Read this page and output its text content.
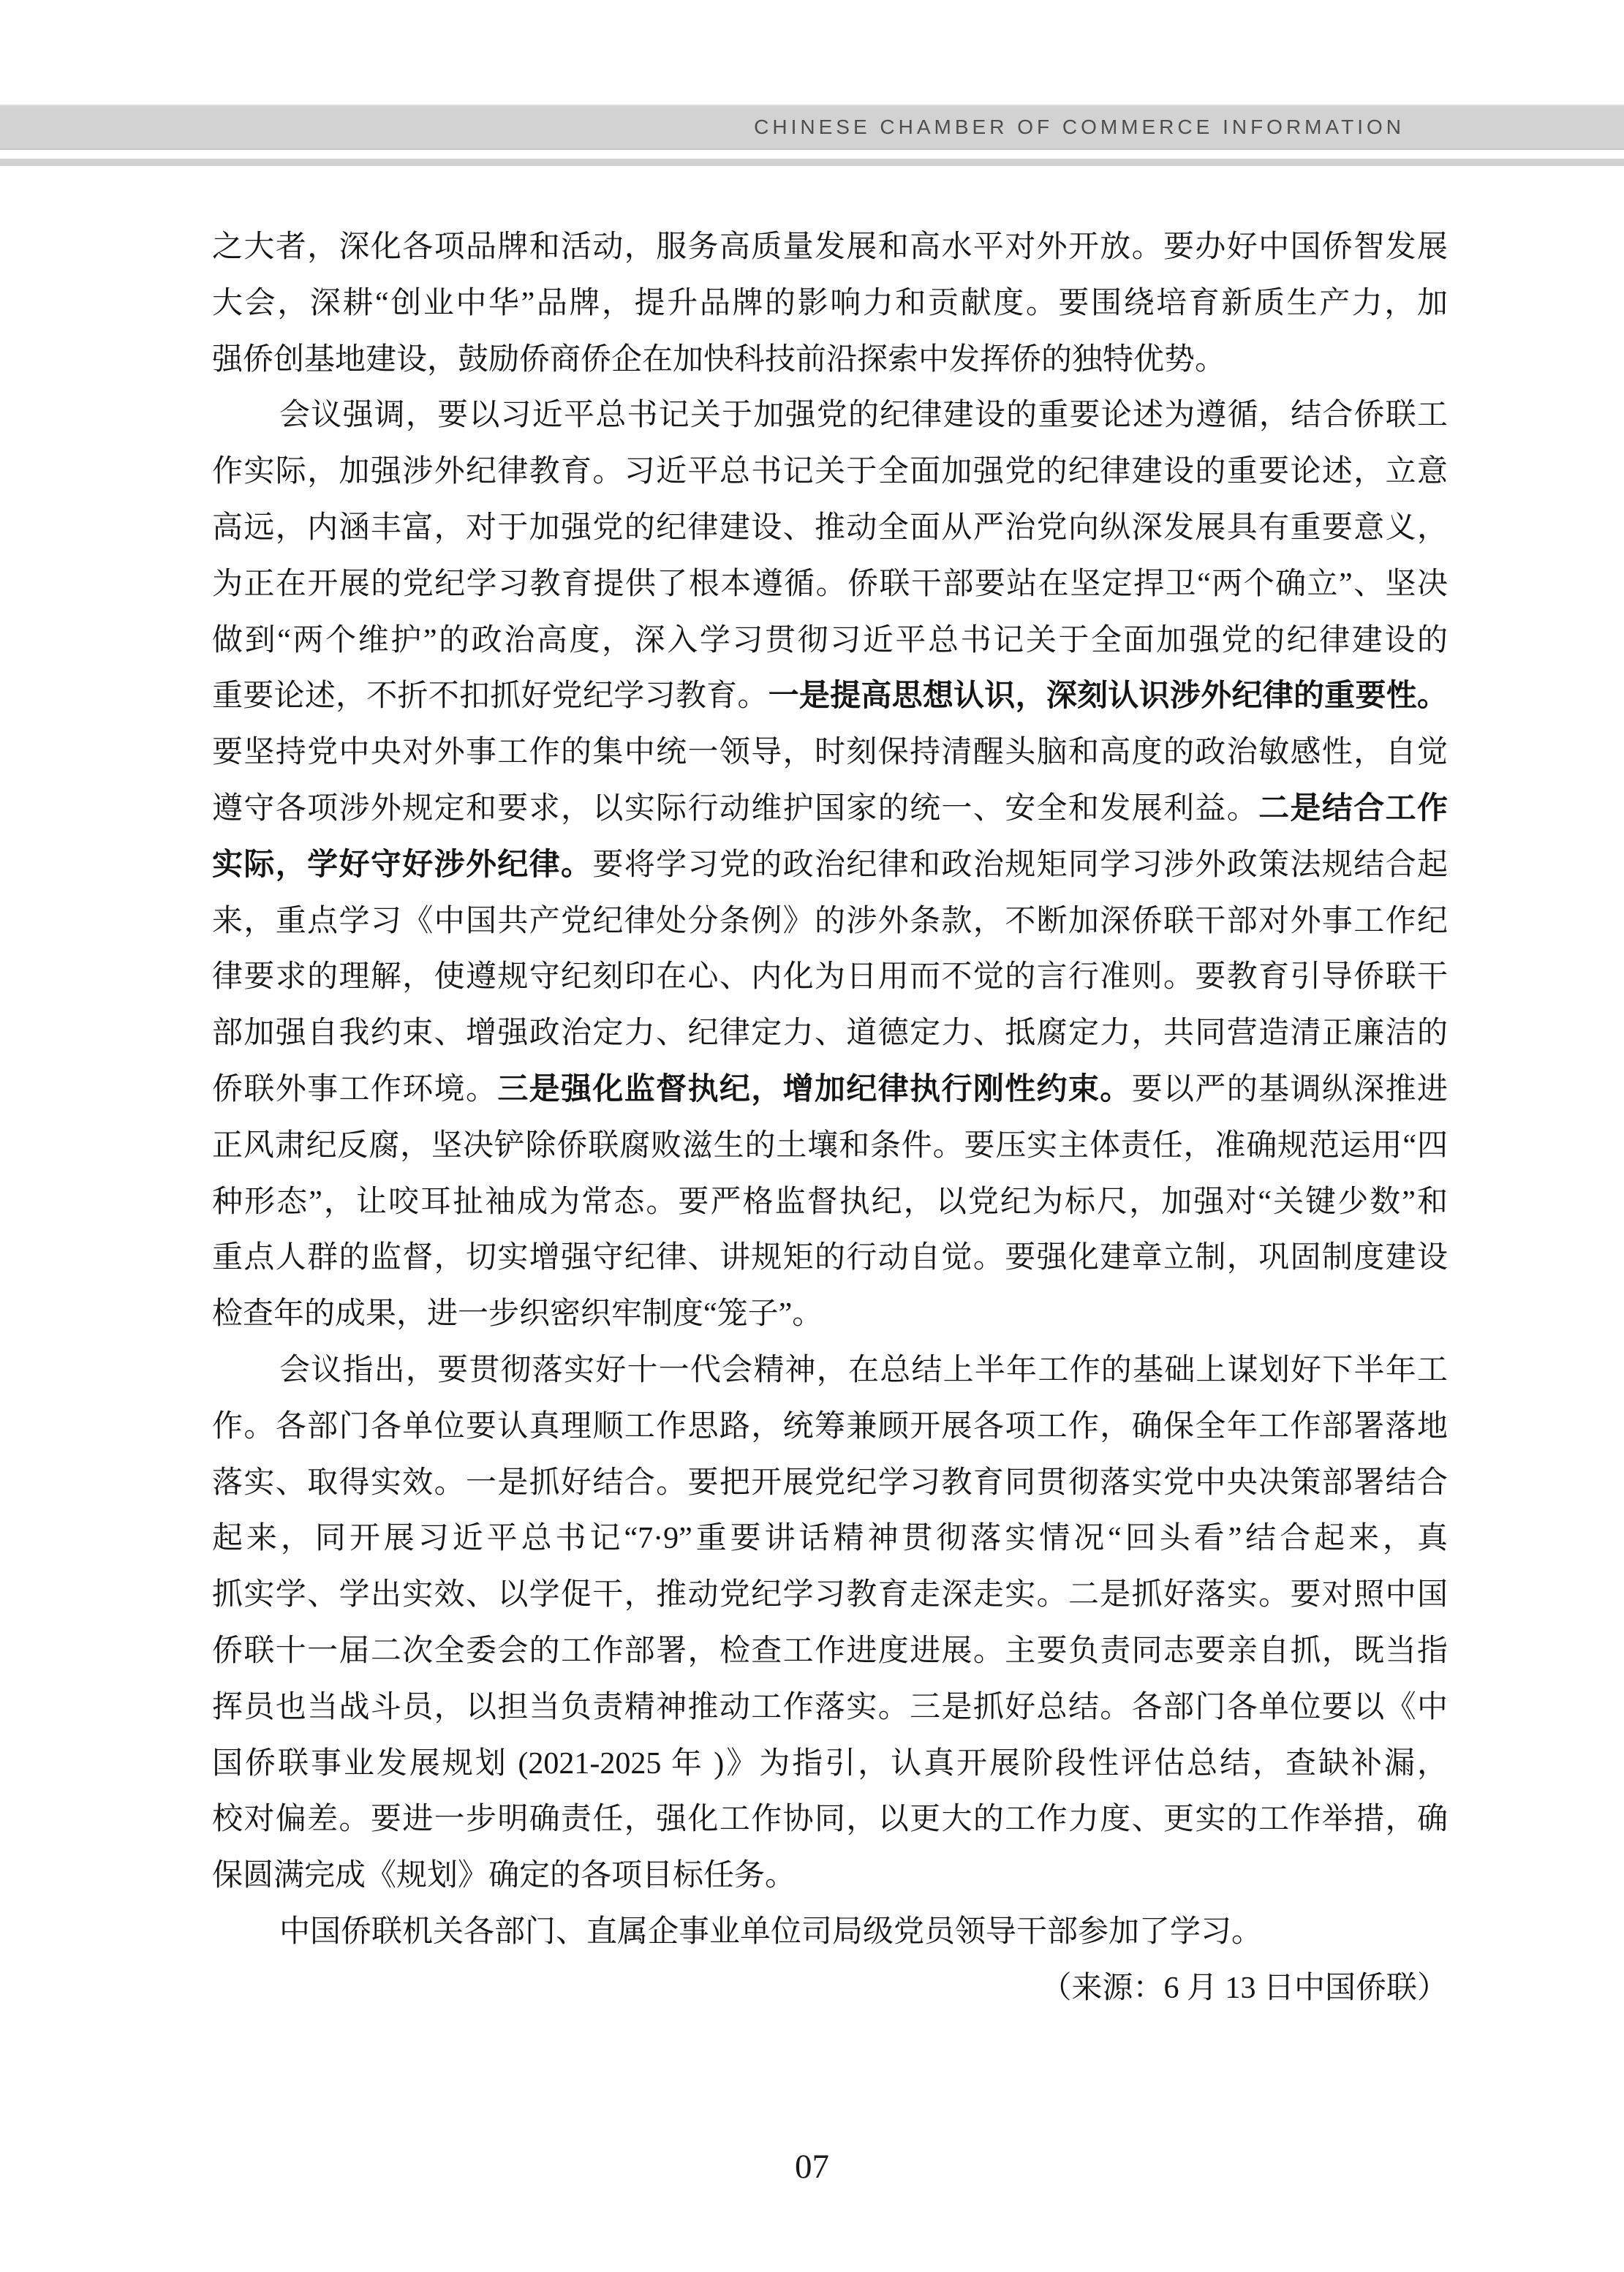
CHINESE CHAMBER OF COMMERCE INFORMATION
之大者，深化各项品牌和活动，服务高质量发展和高水平对外开放。要办好中国侨智发展
大会，深耕“创业中华”品牌，提升品牌的影响力和贡献度。要围绕培育新质生产力，加
强侨创基地建设，鼓励侨商侨企在加快科技前沿探索中发挥侨的独特优势。
会议强调，要以习近平总书记关于加强党的纪律建设的重要论述为遵循，结合侨联工
作实际，加强涉外纪律教育。习近平总书记关于全面加强党的纪律建设的重要论述，立意
高远，内涵丰富，对于加强党的纪律建设、推动全面从严治党向纵深发展具有重要意义，
为正在开展的党纪学习教育提供了根本遵循。侨联干部要站在坚定捍卫“两个确立”、坚决
做到“两个维护”的政治高度，深入学习贯彻习近平总书记关于全面加强党的纪律建设的
重要论述，不折不扣抓好党纪学习教育。一是提高思想认识，深刻认识涉外纪律的重要性。
要坚持党中央对外事工作的集中统一领导，时刻保持清醒头脑和高度的政治敏感性，自觉
遵守各项涉外规定和要求，以实际行动维护国家的统一、安全和发展利益。二是结合工作
实际，学好守好涉外纪律。要将学习党的政治纪律和政治规矩同学习涉外政策法规结合起
来，重点学习《中国共产党纪律处分条例》的涉外条款，不断加深侨联干部对外事工作纪
律要求的理解，使遵规守纪刻印在心、内化为日用而不觉的言行准则。要教育引导侨联干
部加强自我约束、增强政治定力、纪律定力、道德定力、抵腐定力，共同营造清正廉洁的
侨联外事工作环境。三是强化监督执纪，增加纪律执行刚性约束。要以严的基调纵深推进
正风肃纪反腐，坚决铲除侨联腐败滋生的土壤和条件。要压实主体责任，准确规范运用“四
种形态”，让咬耳扯袖成为常态。要严格监督执纪，以党纪为标尺，加强对“关键少数”和
重点人群的监督，切实增强守纪律、讲规矩的行动自觉。要强化建章立制，巩固制度建设
检查年的成果，进一步织密织牢制度“笼子”。
会议指出，要贯彻落实好十一代会精神，在总结上半年工作的基础上谋划好下半年工
作。各部门各单位要认真理顺工作思路，统筹兼顾开展各项工作，确保全年工作部署落地
落实、取得实效。一是抓好结合。要把开展党纪学习教育同贯彻落实党中央决策部署结合
起来，同开展习近平总书记“7·9”重要讲话精神贯彻落实情况“回头看”结合起来，真
抓实学、学出实效、以学促干，推动党纪学习教育走深走实。二是抓好落实。要对照中国
侨联十一届二次全委会的工作部署，检查工作进度进展。主要负责同志要亲自抓，既当指
挥员也当战斗员，以担当负责精神推动工作落实。三是抓好总结。各部门各单位要以《中
国侨联事业发展规划 (2021-2025 年 )》为指引，认真开展阶段性评估总结，查缺补漏，
校对偏差。要进一步明确责任，强化工作协同，以更大的工作力度、更实的工作举措，确
保圆满完成《规划》确定的各项目标任务。
中国侨联机关各部门、直属企事业单位司局级党员领导干部参加了学习。
（来源：6 月 13 日中国侨联）
07
